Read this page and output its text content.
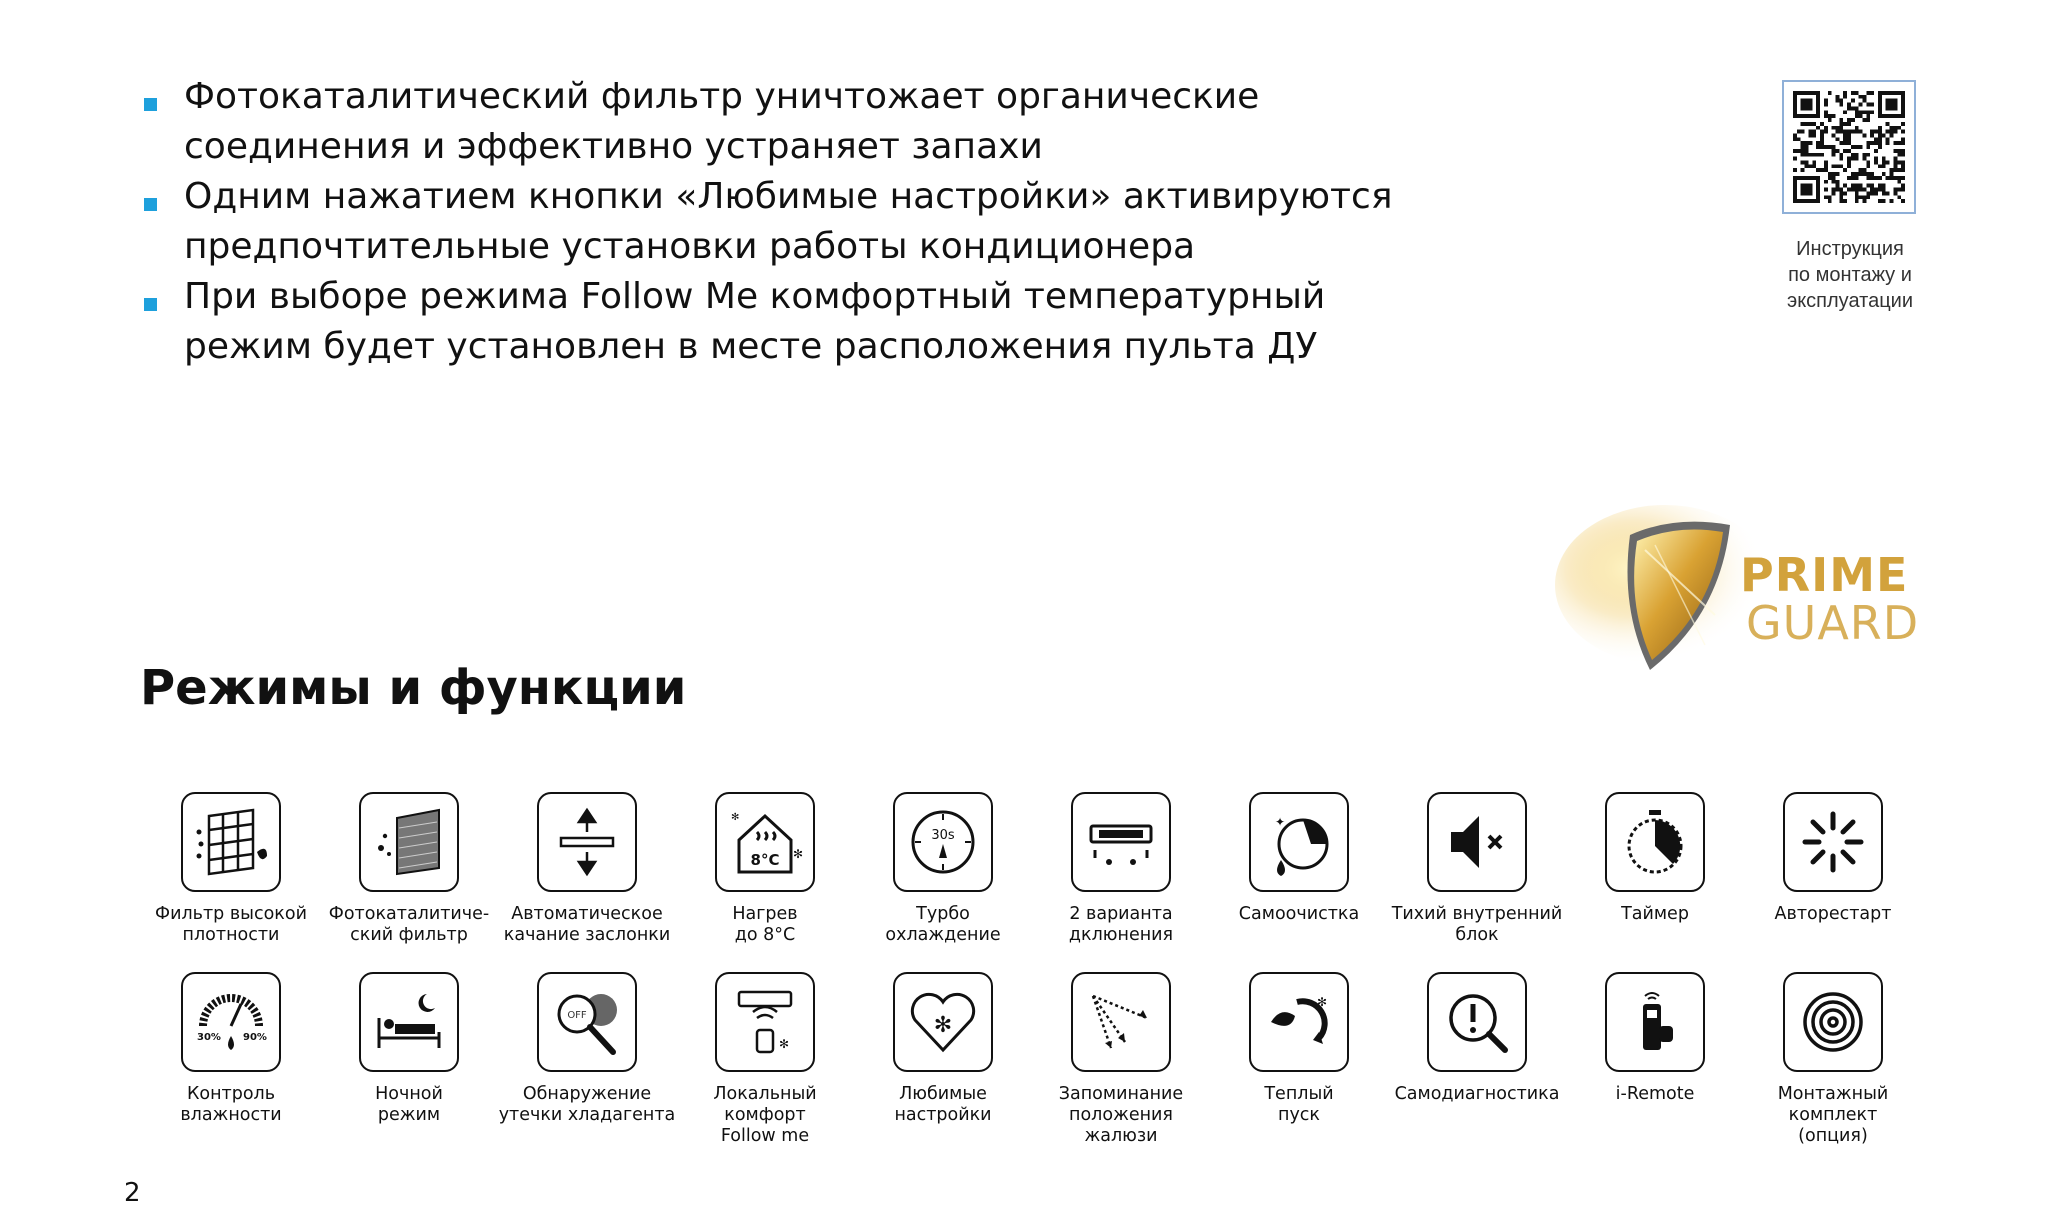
Фотокаталитический фильтр уничтожает органические
соединения и эффективно устраняет запахи
Одним нажатием кнопки «Любимые настройки» активируются
предпочтительные установки работы кондиционера
При выборе режима Follow Me комфортный температурный
режим будет установлен в месте расположения пульта ДУ
Инструкция
по монтажу и
эксплуатации
PRIME
GUARD
Режимы и функции
Фильтр высокой
плотности
Фотокаталитиче-
ский фильтр
Автоматическое
качание заслонки
8°C
✻
✻
Нагрев
до 8°С
30s
Турбо
охлаждение
2 варианта
дклюнения
✦
Самоочистка Тихий внутренний
блок
Таймер	Авторестарт
30% 90%
Контроль
влажности
Ночной
режим
OFF
Обнаружение
утечки хладагента
✻
Локальный
комфорт
Follow me
✻
Любимые
настройки
Запоминание
положения жалюзи
✻
Теплый
пуск
Самодиагностика	i-Remote	Монтажный
комплект
(опция)
2
